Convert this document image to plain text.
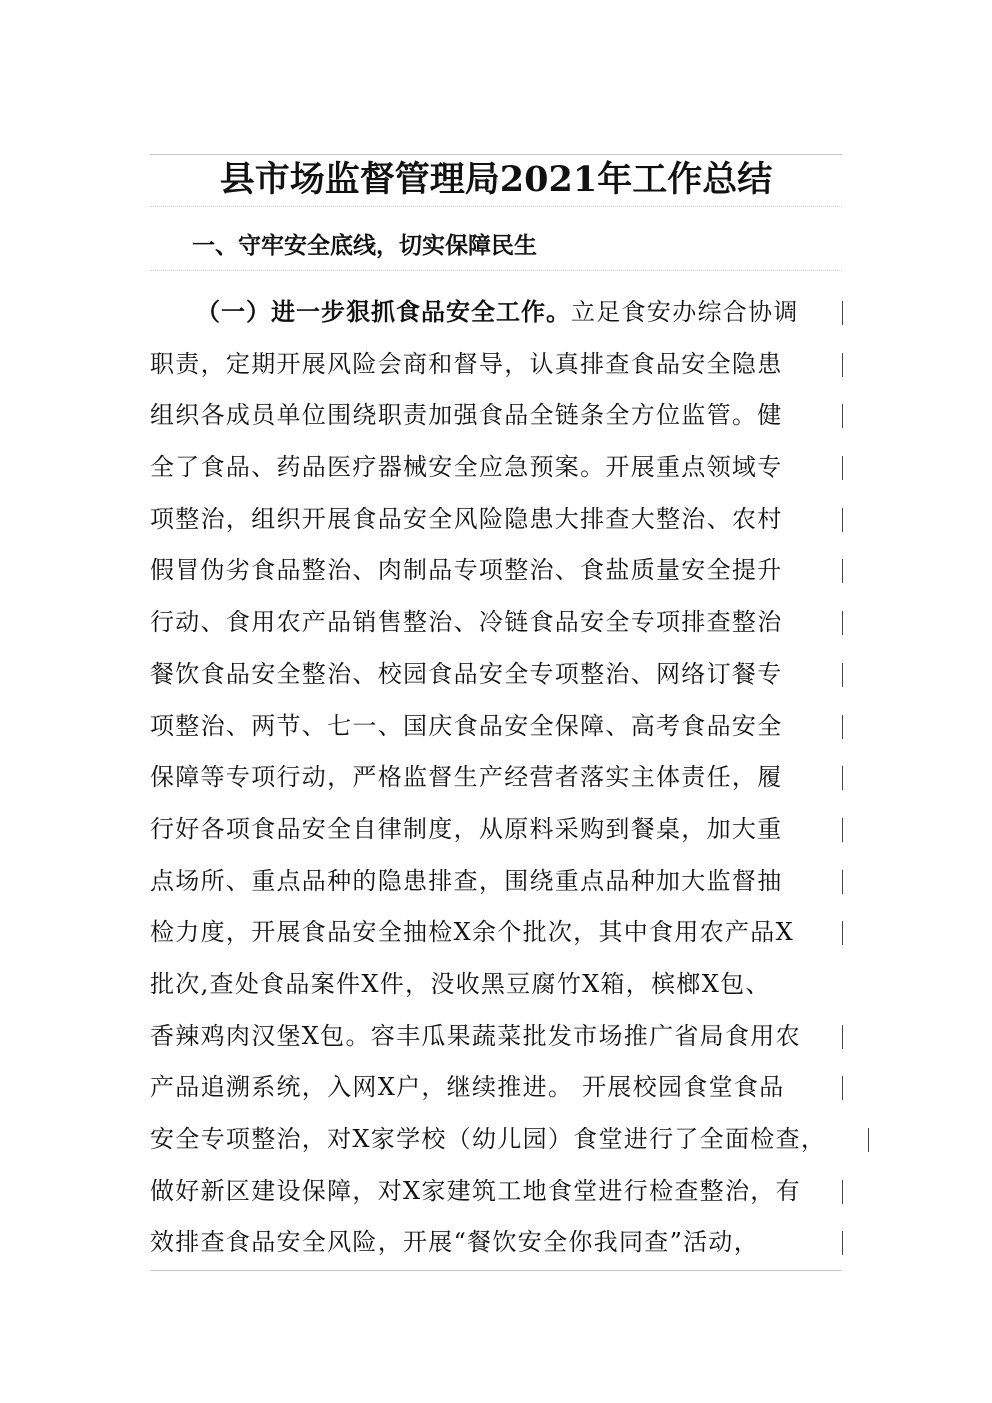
县市场监督管理局2021年工作总结
一、守牢安全底线，切实保障民生
（一）进一步狠抓食品安全工作。立足食安办综合协调
职责，定期开展风险会商和督导，认真排查食品安全隐患
组织各成员单位围绕职责加强食品全链条全方位监管。健
全了食品、药品医疗器械安全应急预案。开展重点领域专
项整治，组织开展食品安全风险隐患大排查大整治、农村
假冒伪劣食品整治、肉制品专项整治、食盐质量安全提升
行动、食用农产品销售整治、冷链食品安全专项排查整治
餐饮食品安全整治、校园食品安全专项整治、网络订餐专
项整治、两节、七一、国庆食品安全保障、高考食品安全
保障等专项行动，严格监督生产经营者落实主体责任，履
行好各项食品安全自律制度，从原料采购到餐桌，加大重
点场所、重点品种的隐患排查，围绕重点品种加大监督抽
检力度，开展食品安全抽检X余个批次，其中食用农产品X
批次,查处食品案件X件，没收黑豆腐竹X箱，槟榔X包、
香辣鸡肉汉堡X包。容丰瓜果蔬菜批发市场推广省局食用农
产品追溯系统，入网X户，继续推进。 开展校园食堂食品
安全专项整治，对X家学校（幼儿园）食堂进行了全面检查，
做好新区建设保障，对X家建筑工地食堂进行检查整治，有
效排查食品安全风险，开展“餐饮安全你我同查”活动，
